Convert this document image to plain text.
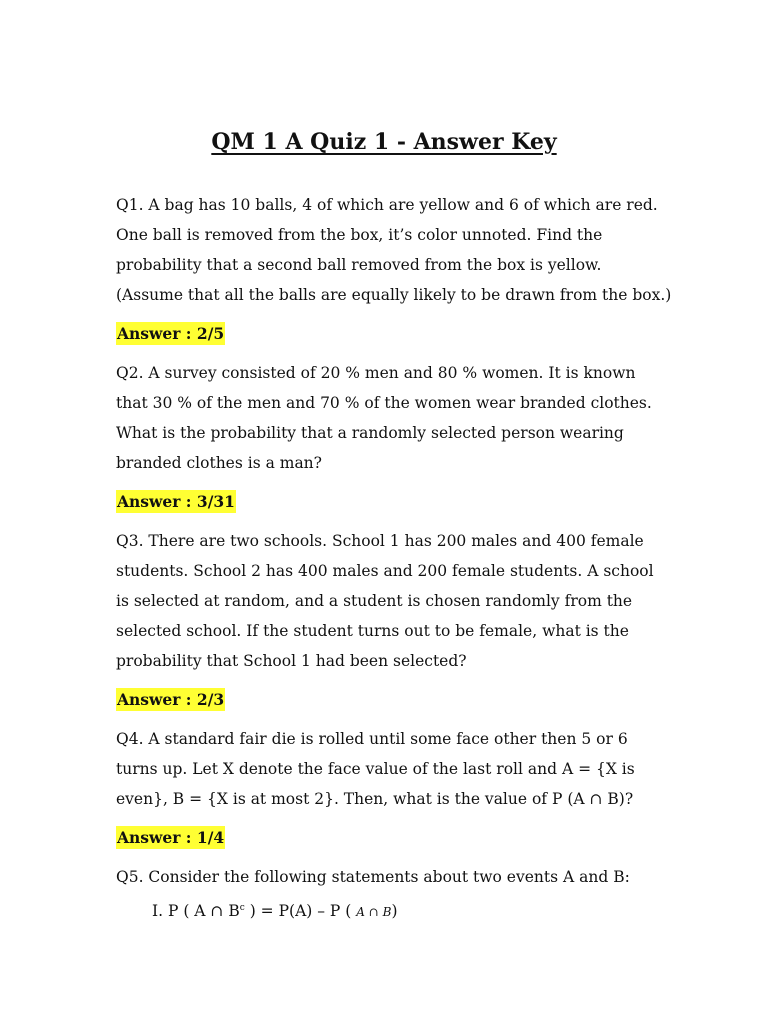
QM 1 A Quiz 1 - Answer Key
Q1. A bag has 10 balls, 4 of which are yellow and 6 of which are red.
One ball is removed from the box, it’s color unnoted. Find the
probability that a second ball removed from the box is yellow.
(Assume that all the balls are equally likely to be drawn from the box.)
Answer : 2/5
Q2. A survey consisted of 20 % men and 80 % women. It is known
that 30 % of the men and 70 % of the women wear branded clothes.
What is the probability that a randomly selected person wearing
branded clothes is a man?
Answer : 3/31
Q3. There are two schools. School 1 has 200 males and 400 female
students. School 2 has 400 males and 200 female students. A school
is selected at random, and a student is chosen randomly from the
selected school. If the student turns out to be female, what is the
probability that School 1 had been selected?
Answer : 2/3
Q4. A standard fair die is rolled until some face other then 5 or 6
turns up. Let X denote the face value of the last roll and A = {X is
even}, B = {X is at most 2}. Then, what is the value of P (A ∩ B)?
Answer : 1/4
Q5. Consider the following statements about two events A and B:
I. P ( A ∩ $B^c$ ) = P(A) – P ( A ∩ B)
